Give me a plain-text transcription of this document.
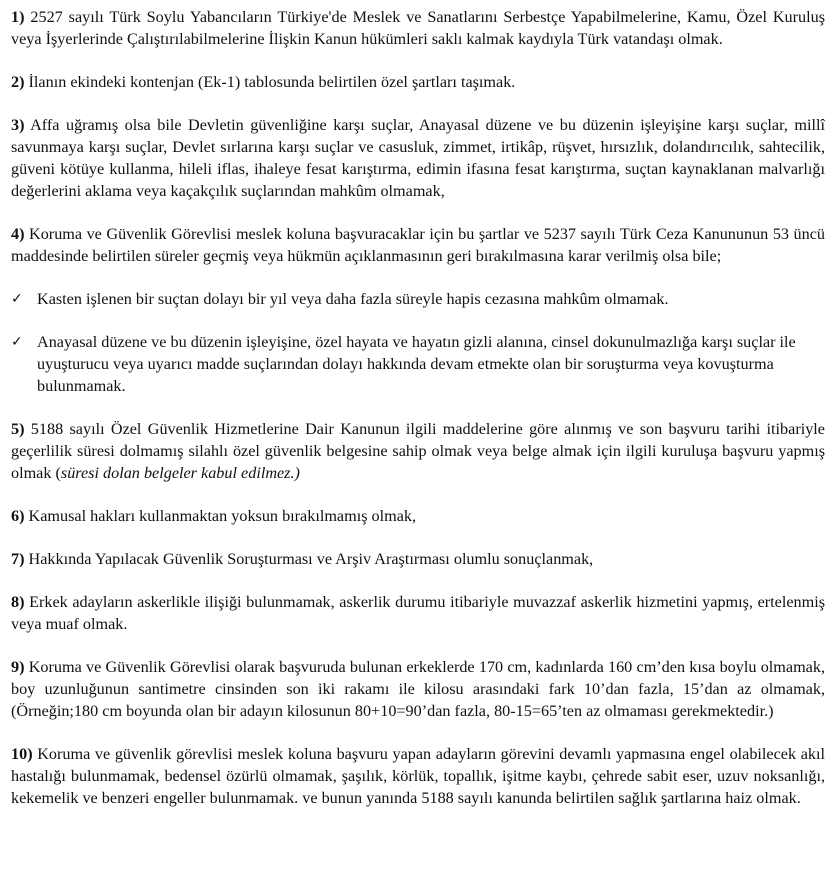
1) 2527 sayılı Türk Soylu Yabancıların Türkiye'de Meslek ve Sanatlarını Serbestçe Yapabilmelerine, Kamu, Özel Kuruluş veya İşyerlerinde Çalıştırılabilmelerine İlişkin Kanun hükümleri saklı kalmak kaydıyla Türk vatandaşı olmak.

2) İlanın ekindeki kontenjan (Ek-1) tablosunda belirtilen özel şartları taşımak.

3) Affa uğramış olsa bile Devletin güvenliğine karşı suçlar, Anayasal düzene ve bu düzenin işleyişine karşı suçlar, millî savunmaya karşı suçlar, Devlet sırlarına karşı suçlar ve casusluk, zimmet, irtikâp, rüşvet, hırsızlık, dolandırıcılık, sahtecilik, güveni kötüye kullanma, hileli iflas, ihaleye fesat karıştırma, edimin ifasına fesat karıştırma, suçtan kaynaklanan malvarlığı değerlerini aklama veya kaçakçılık suçlarından mahkûm olmamak,

4) Koruma ve Güvenlik Görevlisi meslek koluna başvuracaklar için bu şartlar ve 5237 sayılı Türk Ceza Kanununun 53 üncü maddesinde belirtilen süreler geçmiş veya hükmün açıklanmasının geri bırakılmasına karar verilmiş olsa bile;

✓ Kasten işlenen bir suçtan dolayı bir yıl veya daha fazla süreyle hapis cezasına mahkûm olmamak.
✓ Anayasal düzene ve bu düzenin işleyişine, özel hayata ve hayatın gizli alanına, cinsel dokunulmazlığa karşı suçlar ile uyuşturucu veya uyarıcı madde suçlarından dolayı hakkında devam etmekte olan bir soruşturma veya kovuşturma bulunmamak.

5) 5188 sayılı Özel Güvenlik Hizmetlerine Dair Kanunun ilgili maddelerine göre alınmış ve son başvuru tarihi itibariyle geçerlilik süresi dolmamış silahlı özel güvenlik belgesine sahip olmak veya belge almak için ilgili kuruluşa başvuru yapmış olmak (süresi dolan belgeler kabul edilmez.)

6) Kamusal hakları kullanmaktan yoksun bırakılmamış olmak,

7) Hakkında Yapılacak Güvenlik Soruşturması ve Arşiv Araştırması olumlu sonuçlanmak,

8) Erkek adayların askerlikle ilişiği bulunmamak, askerlik durumu itibariyle muvazzaf askerlik hizmetini yapmış, ertelenmiş veya muaf olmak.

9) Koruma ve Güvenlik Görevlisi olarak başvuruda bulunan erkeklerde 170 cm, kadınlarda 160 cm’den kısa boylu olmamak, boy uzunluğunun santimetre cinsinden son iki rakamı ile kilosu arasındaki fark 10’dan fazla, 15’dan az olmamak, (Örneğin;180 cm boyunda olan bir adayın kilosunun 80+10=90’dan fazla, 80-15=65’ten az olmaması gerekmektedir.)

10) Koruma ve güvenlik görevlisi meslek koluna başvuru yapan adayların görevini devamlı yapmasına engel olabilecek akıl hastalığı bulunmamak, bedensel özürlü olmamak, şaşılık, körlük, topallık, işitme kaybı, çehrede sabit eser, uzuv noksanlığı, kekemelik ve benzeri engeller bulunmamak. ve bunun yanında 5188 sayılı kanunda belirtilen sağlık şartlarına haiz olmak.
